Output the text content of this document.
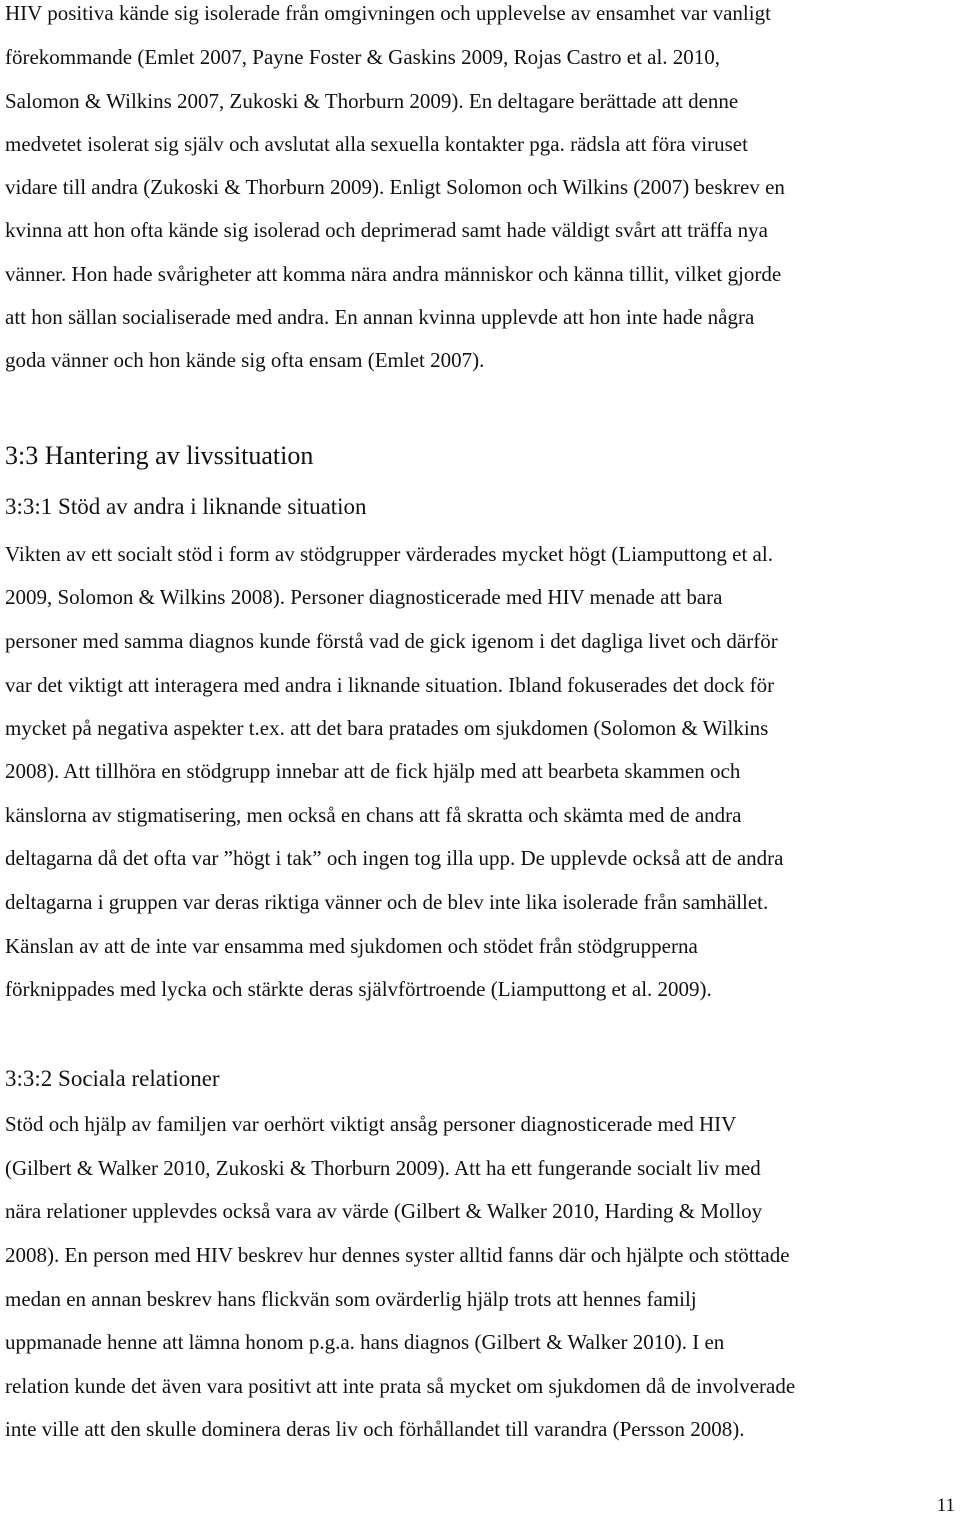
HIV positiva kände sig isolerade från omgivningen och upplevelse av ensamhet var vanligt
förekommande (Emlet 2007, Payne Foster & Gaskins 2009, Rojas Castro et al. 2010,
Salomon & Wilkins 2007, Zukoski & Thorburn 2009). En deltagare berättade att denne
medvetet isolerat sig själv och avslutat alla sexuella kontakter pga. rädsla att föra viruset
vidare till andra (Zukoski & Thorburn 2009). Enligt Solomon och Wilkins (2007) beskrev en
kvinna att hon ofta kände sig isolerad och deprimerad samt hade väldigt svårt att träffa nya
vänner. Hon hade svårigheter att komma nära andra människor och känna tillit, vilket gjorde
att hon sällan socialiserade med andra. En annan kvinna upplevde att hon inte hade några
goda vänner och hon kände sig ofta ensam (Emlet 2007).
3:3 Hantering av livssituation
3:3:1 Stöd av andra i liknande situation
Vikten av ett socialt stöd i form av stödgrupper värderades mycket högt (Liamputtong et al.
2009, Solomon & Wilkins 2008). Personer diagnosticerade med HIV menade att bara
personer med samma diagnos kunde förstå vad de gick igenom i det dagliga livet och därför
var det viktigt att interagera med andra i liknande situation. Ibland fokuserades det dock för
mycket på negativa aspekter t.ex. att det bara pratades om sjukdomen (Solomon & Wilkins
2008). Att tillhöra en stödgrupp innebar att de fick hjälp med att bearbeta skammen och
känslorna av stigmatisering, men också en chans att få skratta och skämta med de andra
deltagarna då det ofta var ”högt i tak” och ingen tog illa upp. De upplevde också att de andra
deltagarna i gruppen var deras riktiga vänner och de blev inte lika isolerade från samhället.
Känslan av att de inte var ensamma med sjukdomen och stödet från stödgrupperna
förknippades med lycka och stärkte deras självförtroende (Liamputtong et al. 2009).
3:3:2 Sociala relationer
Stöd och hjälp av familjen var oerhört viktigt ansåg personer diagnosticerade med HIV
(Gilbert & Walker 2010, Zukoski & Thorburn 2009). Att ha ett fungerande socialt liv med
nära relationer upplevdes också vara av värde (Gilbert & Walker 2010, Harding & Molloy
2008). En person med HIV beskrev hur dennes syster alltid fanns där och hjälpte och stöttade
medan en annan beskrev hans flickvän som ovärderlig hjälp trots att hennes familj
uppmanade henne att lämna honom p.g.a. hans diagnos (Gilbert & Walker 2010). I en
relation kunde det även vara positivt att inte prata så mycket om sjukdomen då de involverade
inte ville att den skulle dominera deras liv och förhållandet till varandra (Persson 2008).
11
